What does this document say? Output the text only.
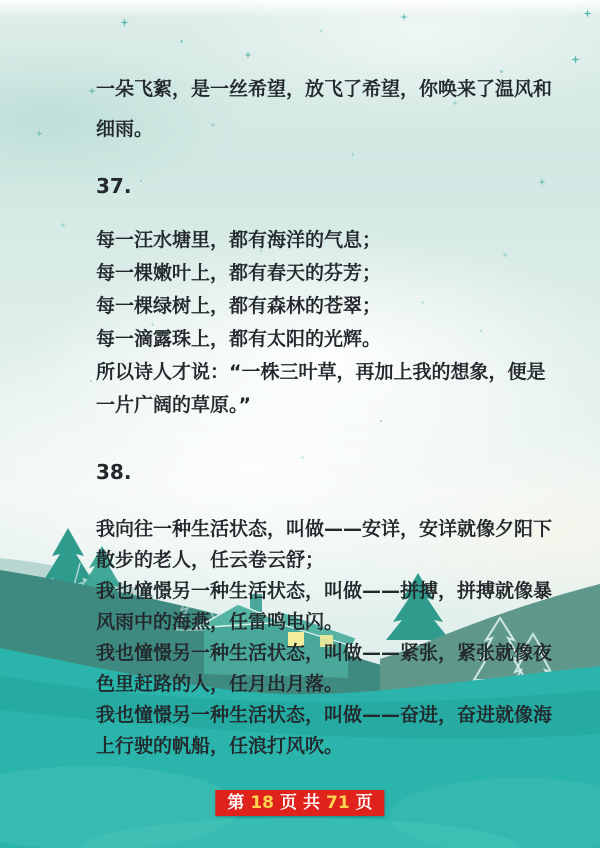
一朵飞絮，是一丝希望，放飞了希望，你唤来了温风和
细雨。
37.
每一汪水塘里，都有海洋的气息；
每一棵嫩叶上，都有春天的芬芳；
每一棵绿树上，都有森林的苍翠；
每一滴露珠上，都有太阳的光辉。
所以诗人才说：“一株三叶草，再加上我的想象，便是
一片广阔的草原。”
38.
我向往一种生活状态，叫做——安详，安详就像夕阳下
散步的老人，任云卷云舒；
我也憧憬另一种生活状态，叫做——拼搏，拼搏就像暴
风雨中的海燕，任雷鸣电闪。
我也憧憬另一种生活状态，叫做——紧张，紧张就像夜
色里赶路的人，任月出月落。
我也憧憬另一种生活状态，叫做——奋进，奋进就像海
上行驶的帆船，任浪打风吹。
第 18 页 共 71 页
